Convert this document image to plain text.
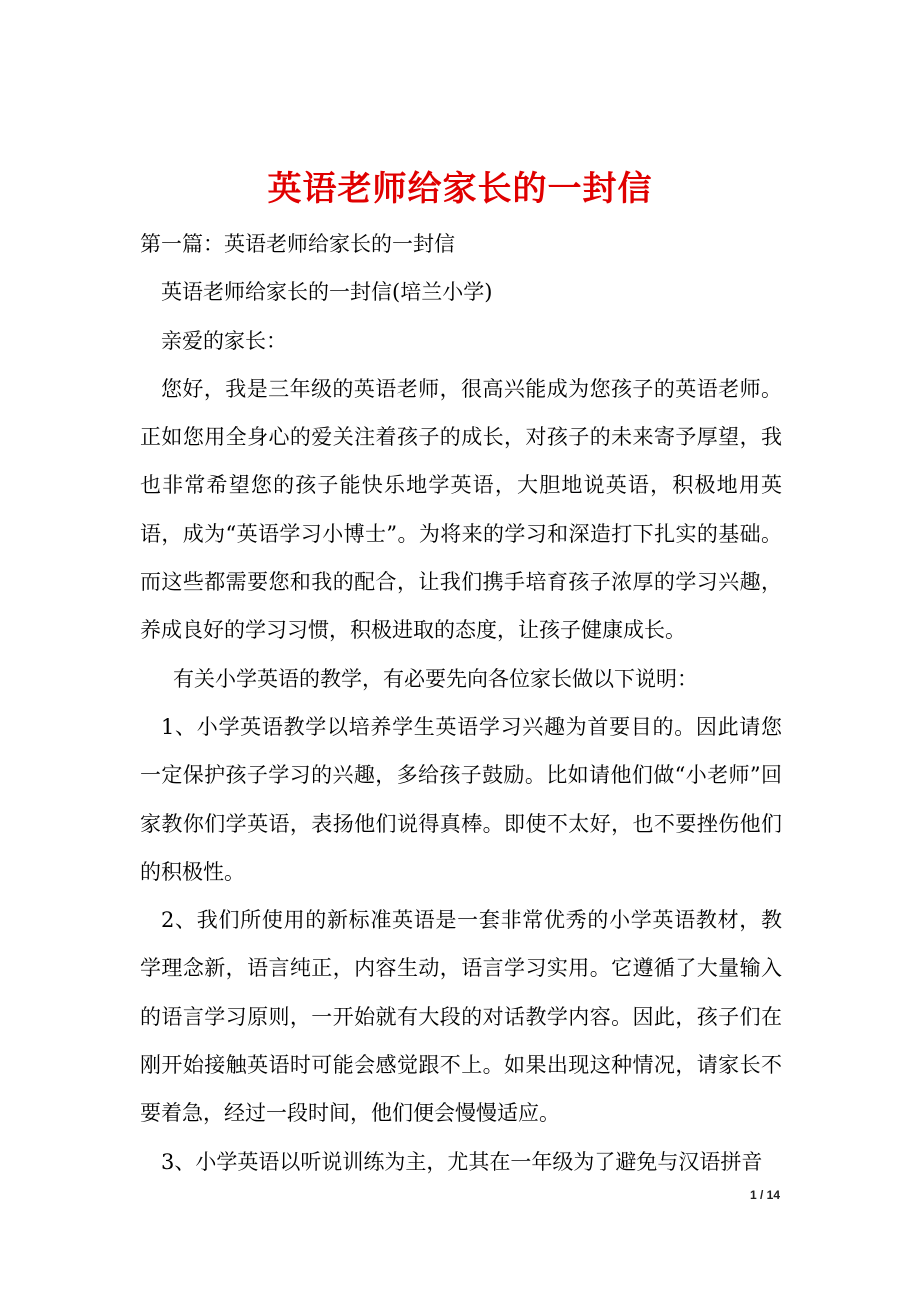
英语老师给家长的一封信

第一篇：英语老师给家长的一封信

英语老师给家长的一封信(培兰小学)

亲爱的家长：

您好，我是三年级的英语老师，很高兴能成为您孩子的英语老师。正如您用全身心的爱关注着孩子的成长，对孩子的未来寄予厚望，我也非常希望您的孩子能快乐地学英语，大胆地说英语，积极地用英语，成为“英语学习小博士”。为将来的学习和深造打下扎实的基础。而这些都需要您和我的配合，让我们携手培育孩子浓厚的学习兴趣，养成良好的学习习惯，积极进取的态度，让孩子健康成长。

有关小学英语的教学，有必要先向各位家长做以下说明：

1、小学英语教学以培养学生英语学习兴趣为首要目的。因此请您一定保护孩子学习的兴趣，多给孩子鼓励。比如请他们做“小老师”回家教你们学英语，表扬他们说得真棒。即使不太好，也不要挫伤他们的积极性。

2、我们所使用的新标准英语是一套非常优秀的小学英语教材，教学理念新，语言纯正，内容生动，语言学习实用。它遵循了大量输入的语言学习原则，一开始就有大段的对话教学内容。因此，孩子们在刚开始接触英语时可能会感觉跟不上。如果出现这种情况，请家长不要着急，经过一段时间，他们便会慢慢适应。

3、小学英语以听说训练为主，尤其在一年级为了避免与汉语拼音

1 / 14
